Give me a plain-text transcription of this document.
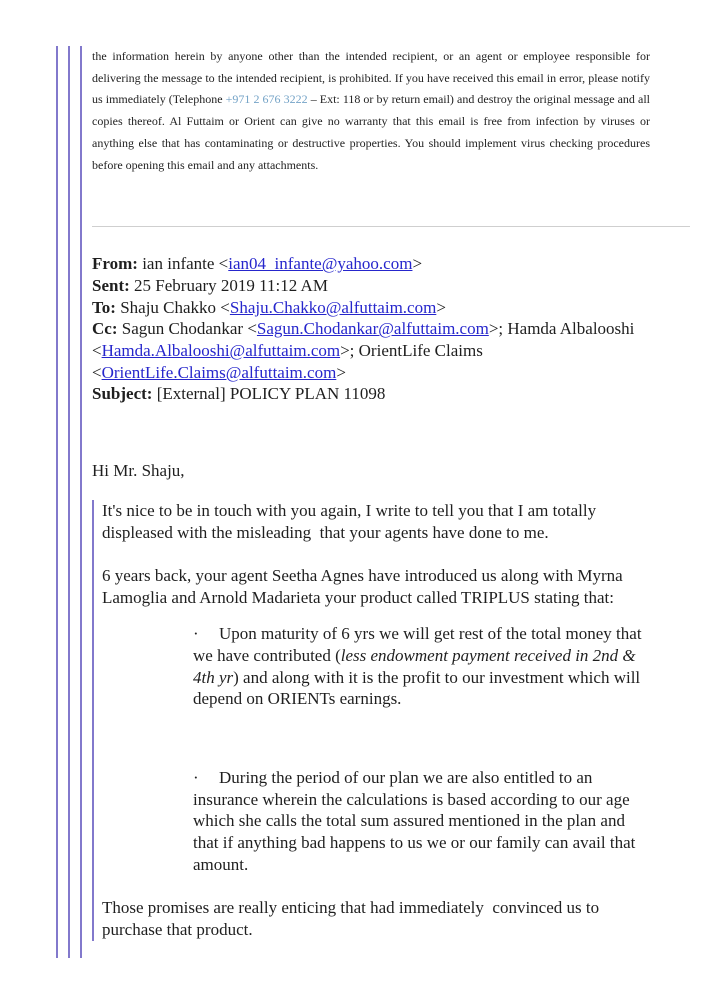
the information herein by anyone other than the intended recipient, or an agent or employee responsible for delivering the message to the intended recipient, is prohibited. If you have received this email in error, please notify us immediately (Telephone +971 2 676 3222 – Ext: 118 or by return email) and destroy the original message and all copies thereof. Al Futtaim or Orient can give no warranty that this email is free from infection by viruses or anything else that has contaminating or destructive properties. You should implement virus checking procedures before opening this email and any attachments.

From: ian infante <ian04_infante@yahoo.com>

Sent: 25 February 2019 11:12 AM

To: Shaju Chakko <Shaju.Chakko@alfuttaim.com>

Cc: Sagun Chodankar <Sagun.Chodankar@alfuttaim.com>; Hamda Albalooshi <Hamda.Albalooshi@alfuttaim.com>; OrientLife Claims <OrientLife.Claims@alfuttaim.com>

Subject: [External] POLICY PLAN 11098

Hi Mr. Shaju,

It's nice to be in touch with you again, I write to tell you that I am totally displeased with the misleading  that your agents have done to me.

6 years back, your agent Seetha Agnes have introduced us along with Myrna Lamoglia and Arnold Madarieta your product called TRIPLUS stating that:

· Upon maturity of 6 yrs we will get rest of the total money that we have contributed (less endowment payment received in 2nd & 4th yr) and along with it is the profit to our investment which will depend on ORIENTs earnings.

· During the period of our plan we are also entitled to an insurance wherein the calculations is based according to our age which she calls the total sum assured mentioned in the plan and that if anything bad happens to us we or our family can avail that amount.

Those promises are really enticing that had immediately  convinced us to purchase that product.
